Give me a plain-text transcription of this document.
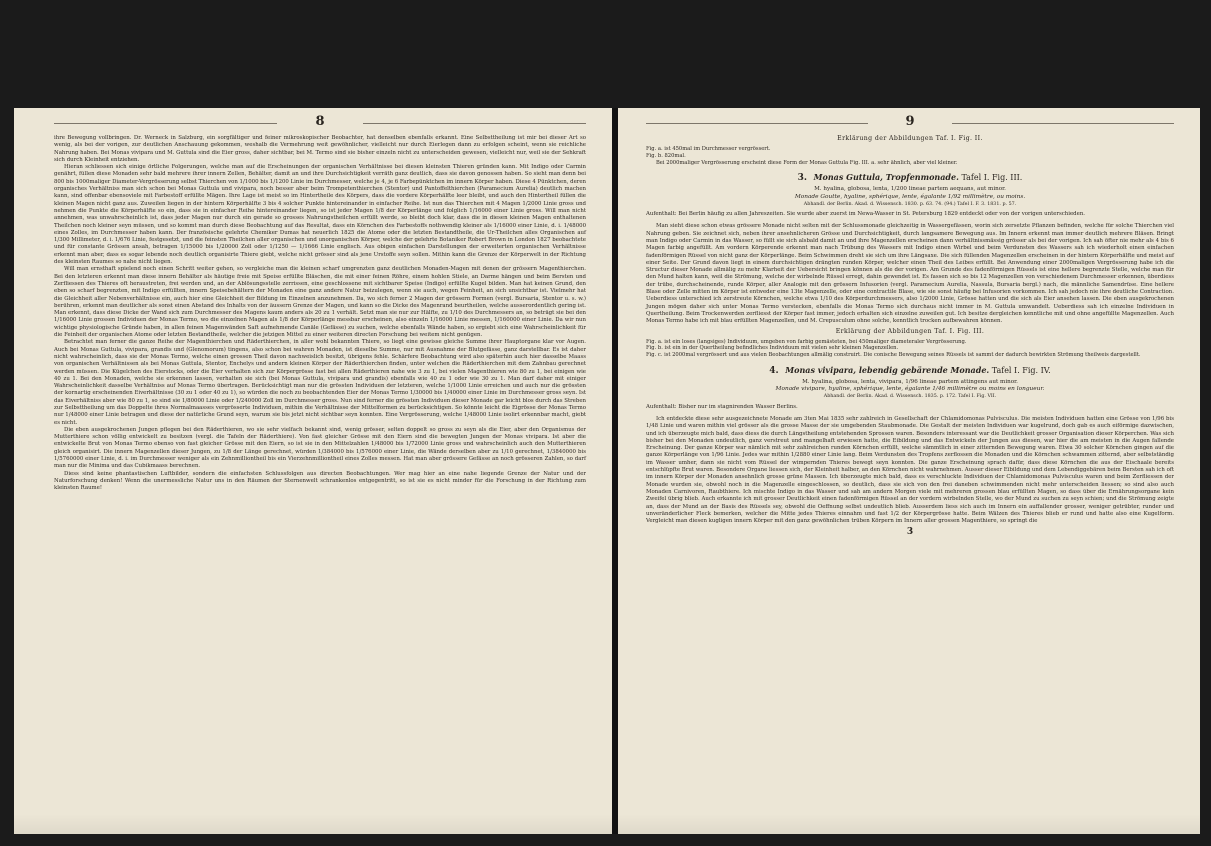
8

ihre Bewegung vollbringen. Dr. Werneck in Salzburg, ein sorgfältiger und feiner mikroskopischer Beobachter, hat denselben ebenfalls erkannt. Eine Selbsttheilung ist mir bei dieser Art so wenig, als bei der vorigen, zur deutlichen Anschauung gekommen, weshalb die Vermehrung weit gewöhnlicher, vielleicht nur durch Eierlegen dann zu erfolgen scheint, wenn sie reichliche Nahrung haben. Bei Monas vivipara und M. Guttula sind die Eier gross, daher sichtbar, bei M. Termo sind sie bisher einzeln nicht zu unterscheiden gewesen, vielleicht nur, weil sie der Sehkraft sich durch Kleinheit entziehen.

Hieran schliessen sich einige örtliche Folgerungen, welche man auf die Erscheinungen der organischen Verhältnisse bei diesen kleinsten Thieren gründen kann. Mit Indigo oder Carmin genährt, füllen diese Monaden sehr bald mehrere ihrer innern Zellen, Behälter, damit an und ihre Durchsichtigkeit verräth ganz deutlich, dass sie davon genossen haben. So sieht man denn bei 800 bis 1000maliger Diameter-Vergrösserung selbst Thierchen von 1/1000 bis 1/1200 Linie im Durchmesser, welche je 4, je 6 Farbepünktchen im innern Körper haben. Diese 4 Pünktchen, deren organisches Verhältniss man sich schon bei Monas Guttula und vivipara, noch besser aber beim Trompetenthierchen (Stentor) und Pantoffelthierchen (Paramecium Aurelia) deutlich machen kann, sind offenbar ebensoviele mit Farbestoff erfüllte Mägen. Ihre Lage ist meist so im Hintertheile des Körpers, dass die vordere Körperhälfte leer bleibt, und auch den Hintertheil füllen die kleinen Magen nicht ganz aus. Zuweilen liegen in der hintern Körperhälfte 3 bis 4 solcher Punkte hintereinander in einfacher Reihe. Ist nun das Thierchen mit 4 Magen 1/2000 Linie gross und nehmen die Punkte die Körperhälfte so ein, dass sie in einfacher Reihe hintereinander liegen, so ist jeder Magen 1/8 der Körperlänge und folglich 1/16000 einer Linie gross. Will man nicht annehmen, was unwahrscheinlich ist, dass jeder Magen nur durch ein gerade so grosses Nahrungstheilchen erfüllt werde, so bleibt doch klar, dass die in diesen kleinen Magen enthaltenen Theilchen noch kleiner seyn müssen, und so kommt man durch diese Beobachtung auf das Resultat, dass ein Körnchen des Farbestoffs nothwendig kleiner als 1/16000 einer Linie, d. i. 1/48000 eines Zolles, im Durchmesser haben kann. Der französische gelehrte Chemiker Dumas hat neuerlich 1825 die Atome oder die letzten Bestandtheile, die Ur-Theilchen alles Organischen auf 1/300 Millimeter, d. i. 1/676 Linie, festgesetzt, und die feinsten Theilchen aller organischen und unorganischen Körper, welche der gelehrte Botaniker Robert Brown in London 1827 beobachtete und für constante Grössen ansah, betragen 1/15000 bis 1/20000 Zoll oder 1/1250 — 1/1666 Linie englisch. Aus obigen einfachen Darstellungen der erweiterten organischen Verhältnisse erkennt man aber, dass es sogar lebende noch deutlich organisirte Thiere giebt, welche nicht grösser sind als jene Urstoffe seyn sollen. Mithin kann die Grenze der Körperwelt in der Richtung des kleinsten Raumes so nahe nicht liegen.

Will man ernsthaft spielend noch einen Schritt weiter gehen, so vergleiche man die kleinen scharf umgrenzten ganz deutlichen Monaden-Magen mit denen der grössern Magenthierchen. Bei den letzteren erkennt man diese innern Behälter als häutige freie mit Speise erfüllte Bläschen, die mit einer feinen Röhre, einem hohlen Stiele, an Darme hängen und beim Bersten und Zerfliessen des Thieres oft heraustreten, frei werden und, an der Ablösungsstelle zerrissen, eine geschlossene mit sichtbarer Speise (Indigo) erfüllte Kugel bilden. Man hat keinen Grund, den eben so scharf begrenzten, mit Indigo erfüllten, innern Speisebehältern der Monaden eine ganz andere Natur beizulegen, wenn sie auch, wegen Feinheit, an sich unsichtbar ist. Vielmehr hat die Gleichheit aller Nebenverhältnisse ein, auch hier eine Gleichheit der Bildung im Einzelnen anzunehmen. Da, wo sich ferner 2 Magen der grössern Formen (vergl. Bursaria, Stentor u. s. w.) berühren, erkennt man deutlicher als sonst einen Abstand des Inhalts von der äussern Grenze der Magen, und kann so die Dicke des Magenrand beurtheilen, welche ausserordentlich gering ist. Man erkennt, dass diese Dicke der Wand sich zum Durchmesser des Magens kaum anders als 20 zu 1 verhält. Setzt man sie nur zur Hälfte, zu 1/10 des Durchmessers an, so beträgt sie bei den 1/16000 Linie grossen Individuen der Monas Termo, wo die einzelnen Magen als 1/8 der Körperlänge messbar erscheinen, also einzeln 1/16000 Linie messen, 1/160000 einer Linie. Da wir nun wichtige physiologische Gründe haben, in allen feinen Magenwänden Saft aufnehmende Canäle (Gefässe) zu suchen, welche ebenfalls Wände haben, so ergiebt sich eine Wahrscheinlichkeit für die Feinheit der organischen Atome oder letzten Bestandtheile, welcher die jetzigen Mittel zu einer weiteren directen Forschung bei weitem nicht genügen.

Betrachtet man ferner die ganze Reihe der Magenthierchen und Räderthierchen, in aller wohl bekannten Thiere, so liegt eine gewisse gleiche Summe ihrer Hauptorgane klar vor Augen. Auch bei Monas Guttula, vivipara, grandis und (Glenomorum) tingens, also schon bei wahren Monaden, ist dieselbe Summe, nur mit Ausnahme der Blutgefässe, ganz darstellbar. Es ist daher nicht wahrscheinlich, dass sie der Monas Termo, welche einen grossen Theil davon nachweislich besitzt, übrigens fehle. Schärfere Beobachtung wird also späterhin auch hier dasselbe Maass von organischen Verhältnissen als bei Monas Guttula, Stentor, Enchelys und andern kleinen Körper der Räderthierchen finden, unter welchen die Räderthierchen mit dem Zahnbau gerechnet werden müssen. Die Kügelchen des Eierstocks, oder die Eier verhalten sich zur Körpergrösse fast bei allen Räderthieren nahe wie 3 zu 1, bei vielen Magenthieren wie 80 zu 1, bei einigen wie 40 zu 1. Bei den Monaden, welche sie erkennen lassen, verhalten sie sich (bei Monas Guttula, vivipara und grandis) ebenfalls wie 40 zu 1 oder wie 30 zu 1. Man darf daher mit einiger Wahrscheinlichkeit dasselbe Verhältniss auf Monas Termo übertragen. Berücksichtigt man nur die grössten Individuen der letzteren, welche 1/1000 Linie erreichen und auch nur die grössten der kornartig erscheinenden Eiverhältnisse (30 zu 1 oder 40 zu 1), so würden die noch zu beobachtenden Eier der Monas Termo 1/30000 bis 1/40000 einer Linie im Durchmesser gross seyn. Ist das Eiverhältniss aber wie 80 zu 1, so sind sie 1/80000 Linie oder 1/240000 Zoll im Durchmesser gross. Nun sind ferner die grössten Individuen dieser Monade gar leicht blos durch das Streben zur Selbsttheilung um das Doppelte ihres Normalmaasses vergrösserte Individuen, mithin die Verhältnisse der Mittelformen zu berücksichtigen. So könnte leicht die Eigrösse der Monas Termo nur 1/48000 einer Linie betragen und diese der natürliche Grund seyn, warum sie bis jetzt nicht sichtbar seyn konnten. Eine Vergrösserung, welche 1/48000 Linie isolirt erkennbar macht, giebt es nicht.

Die eben ausgekrochenen Jungen pflegen bei den Räderthieren, wo sie sehr vielfach bekannt sind, wenig grösser, selten doppelt so gross zu seyn als die Eier, aber den Organismus der Mutterthiere schon völlig entwickelt zu besitzen (vergl. die Tafeln der Räderthiere). Von fast gleicher Grösse mit den Eiern sind die bewegten Jungen der Monas vivipara. Ist aber die entwickelte Brut von Monas Termo ebenso von fast gleicher Grösse mit den Eiern, so ist sie in den Mittelzahlen 1/48000 bis 1/72000 Linie gross und wahrscheinlich auch den Mutterthieren gleich organisirt. Die innern Magenzellen dieser Jungen, zu 1/8 der Länge gerechnet, würden 1/384000 bis 1/576000 einer Linie, die Wände derselben aber zu 1/10 gerechnet, 1/3840000 bis 1/5760000 einer Linie, d. i. im Durchmesser weniger als ein Zehnmilliontheil bis ein Vierzehnmilliontheil eines Zolles messen. Hat man aber grössere Gefässe an noch grösseren Zahlen, so darf man nur die Minima und das Cubikmaass berechnen.

Diess sind keine phantastischen Luftbilder, sondern die einfachsten Schlussfolgen aus directen Beobachtungen. Wer mag hier an eine nahe liegende Grenze der Natur und der Naturforschung denken! Wenn die unermessliche Natur uns in den Räumen der Sternenwelt schrankenlos entgegentritt, so ist sie es nicht minder für die Forschung in der Richtung zum kleinsten Raume!

9
Erklärung der Abbildungen Taf. I. Fig. II.

Fig. a. ist 450mal im Durchmesser vergrössert.

Fig. b. 820mal.

Bei 2000maliger Vergrösserung erscheint diese Form der Monas Guttula Fig. III. a. sehr ähnlich, aber viel kleiner.

3. Monas Guttula, Tropfenmonade. Tafel I. Fig. III.

M. hyalina, globosa, lenta, 1/200 lineae partem aequans, aut minor.

Monade Goutte, hyaline, sphérique, lente, égalante 1/92 millimètre, ou moins.

Abhandl. der Berlin. Akad. d. Wissensch. 1830. p. 63. 74. (94.) Tafel I. F. 3. 1831. p. 57.

Aufenthalt: Bei Berlin häufig zu allen Jahreszeiten. Sie wurde aber zuerst im Newa-Wasser in St. Petersburg 1829 entdeckt oder von der vorigen unterschieden.

Man sieht diese schon etwas grössere Monade nicht selten mit der Schlussmonade gleichzeitig in Wassergefässen, worin sich zersetzte Pflanzen befinden, welche für solche Thierchen viel Nahrung geben. Sie zeichnet sich, neben ihrer ansehnlicheren Grösse und Durchsichtigkeit, durch langsamere Bewegung aus. Im Innern erkennt man immer deutlich mehrere Bläsen. Bringt man Indigo oder Carmin in das Wasser, so füllt sie sich alsbald damit an und ihre Magenzellen erscheinen dann verhältnissmässig grösser als bei der vorigen. Ich sah öfter nie mehr als 4 bis 6 Magen farbig angefüllt. Am vordern Körperende erkennt man nach Trübung des Wassers mit Indigo einen Wirbel und beim Verdunsten des Wassers sah ich wiederholt einen einfachen fadenförmigen Rüssel von nicht ganz der Körperlänge. Beim Schwimmen dreht sie sich um ihre Längsaxe. Die sich füllenden Magenzellen erscheinen in der hintern Körperhälfte und meist auf einer Seite. Der Grund davon liegt in einem durchsichtigen drängten runden Körper, welcher einen Theil des Leibes erfüllt. Bei Anwendung einer 2000maligen Vergrösserung habe ich die Structur dieser Monade allmälig zu mehr Klarheit der Uebersicht bringen können als die der vorigen. Am Grunde des fadenförmigen Rüssels ist eine hellere begrenzte Stelle, welche man für den Mund halten kann, weil die Strömung, welche der wirbelnde Rüssel erregt, dahin gewendet ist. Es fassen sich so bis 12 Magenzellen von verschiedenem Durchmesser erkennen, überdiess der trübe, durchscheinende, runde Körper, aller Analogie mit den grössern Infusorien (vergl. Paramecium Aurelia, Nassula, Bursaria bergl.) nach, die männliche Samendrüse. Eine hellere Blase oder Zelle mitten im Körper ist entweder eine 13te Magenzelle, oder eine contractile Blase, wie sie sonst häufig bei Infusorien vorkommen. Ich sah jedoch nie ihre deutliche Contraction. Ueberdiess unterschied ich zerstreute Körnchen, welche etwa 1/10 des Körperdurchmessers, also 1/2000 Linie, Grösse hatten und die sich als Eier ansehen lassen. Die eben ausgekrochenen Jungen mögen daher sich unter Monas Termo verstecken, ebenfalls die Monas Termo sich durchaus nicht immer in M. Guttula umwandelt. Ueberdiess sah ich einzelne Individuen in Quertheilung. Beim Trockenwerden zerfliesst der Körper fast immer, jedoch erhalten sich einzelne zuweilen gut. Ich besitze dergleichen kenntliche mit und ohne angefüllte Magenzellen. Auch Monas Termo habe ich mit blau erfüllten Magenzellen, und M. Crepusculum ohne solche, kenntlich trocken aufbewahren können.

Erklärung der Abbildungen Taf. I. Fig. III.

Fig. a. ist ein loses (langsiges) Individuum, umgeben von farbig gemästeten, bei 450maliger diameteraler Vergrösserung.

Fig. b. ist ein in der Quertheilung befindliches Individuum mit vielen sehr kleinen Magenzellen.

Fig. c. ist 2000mal vergrössert und aus vielen Beobachtungen allmälig construirt. Die conische Bewegung seines Rüssels ist sammt der dadurch bewirkten Strömung theilweis dargestellt.

4. Monas vivipara, lebendig gebärende Monade. Tafel I. Fig. IV.

M. hyalina, globosa, lenta, vivipara, 1/96 lineae partem attingens aut minor.

Monade vivipare, hyaline, sphérique, lente, égalante 1/46 millimètre ou moins en longueur.

Abhandl. der Berlin. Akad. d. Wissensch. 1835. p. 172. Tafel I. Fig. VII.

Aufenthalt: Bisher nur im stagnirenden Wasser Berlins.

Ich entdeckte diese sehr ausgezeichnete Monade am 3ten Mai 1835 sehr zahlreich in Gesellschaft der Chlamidomonas Pulvisculus. Die meisten Individuen hatten eine Grösse von 1/96 bis 1/48 Linie und waren mithin viel grösser als die grosse Masse der sie umgebenden Staubmonade. Die Gestalt der meisten Individuen war kugelrund, doch gab es auch eiförmige dazwischen, und ich überzeugte mich bald, dass diess die durch Längstheilung entstehenden Sprossen waren. Besonders interessant war die Deutlichkeit grosser Organisation dieser Körperchen. Was sich bisher bei den Monaden undeutlich, ganz verstreut und mangelhaft erwiesen hatte, die Eibildung und das Entwickeln der Jungen aus diesen, war hier die am meisten in die Augen fallende Erscheinung. Der ganze Körper war nämlich mit sehr zahlreichen runden Körnchen erfüllt, welche sämmtlich in einer zitternden Bewegung waren. Etwa 30 solcher Körnchen gingen auf die ganze Körperlänge von 1/96 Linie. Jedes war mithin 1/2880 einer Linie lang. Beim Verdunsten des Tropfens zerflossen die Monaden und die Körnchen schwammen zitternd, aber selbstständig im Wasser umher, dann sie nicht vom Rüssel der wimpernden Thieres bewegt seyn konnten. Die ganze Erscheinung sprach dafür, dass diese Körnchen die aus der Eischaale bereits entschlüpfte Brut waren. Besondere Organe liessen sich, der Kleinheit halber, an den Körnchen nicht wahrnehmen. Ausser dieser Eibildung und dem Lebendiggebären beim Bersten sah ich oft im innern Körper der Monaden ansehnlich grosse grüne Massen. Ich überzeugte mich bald, dass es verschluckte Individuen der Chlamidomonas Pulvisculus waren und beim Zerfliessen der Monade wurden sie, obwohl noch in die Magenzelle eingeschlossen, so deutlich, dass sie sich von den frei daneben schwimmenden nicht mehr unterscheiden liessen; so sind also auch Monaden Carnivoren, Raubthiere. Ich mischte Indigo in das Wasser und sah am andern Morgen viele mit mehreren grossen blau erfüllten Magen, so dass über die Ernährungsorgane kein Zweifel übrig blieb. Auch erkannte ich mit grosser Deutlichkeit einen fadenförmigen Rüssel an der vordern wirbelnden Stelle, wo der Mund zu suchen zu seyn schien; und die Strömung zeigte an, dass der Mund an der Basis des Rüssels sey, obwohl die Oeffnung selbst undeutlich blieb. Ausserdem liess sich auch im Innern ein auffallender grosser, weniger getrübter, runder und unveränderlicher Fleck bemerken, welcher die Mitte jedes Thieres einnahm und fast 1/2 der Körpergrösse hatte. Beim Wälzen des Thieres blieb er rund und hatte also eine Kugelform. Vergleicht man diesen kugligen innern Körper mit den ganz gewöhnlichen trüben Körpern im Innern aller grossen Magenthiere, so springt die

3
